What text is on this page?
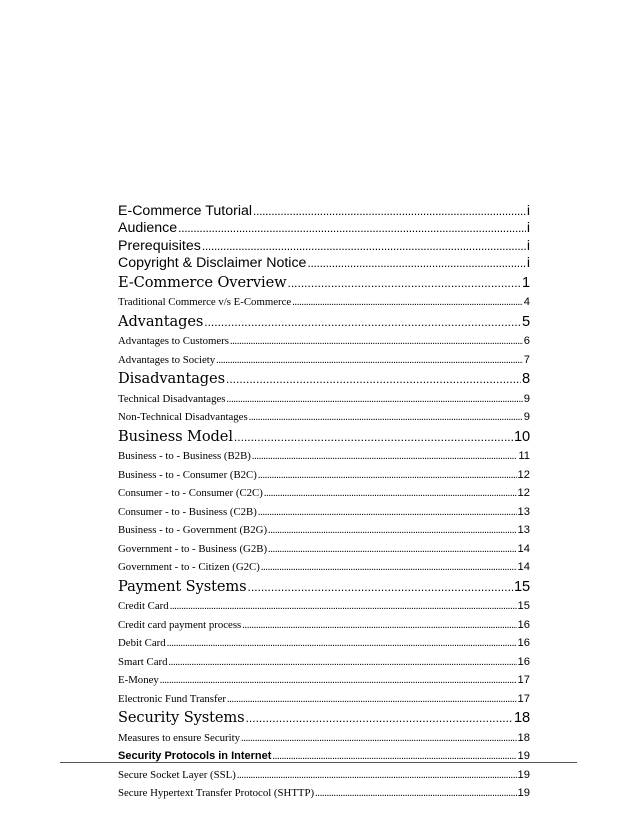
E-Commerce Tutorial .....	i
Audience .....	i
Prerequisites .....	i
Copyright & Disclaimer Notice .....	i
E-Commerce Overview .....	1
Traditional Commerce v/s E-Commerce .....	4
Advantages .....	5
Advantages to Customers .....	6
Advantages to Society .....	7
Disadvantages .....	8
Technical Disadvantages .....	9
Non-Technical Disadvantages .....	9
Business Model .....	10
Business - to - Business (B2B) .....	11
Business - to - Consumer (B2C) .....	12
Consumer - to - Consumer (C2C) .....	12
Consumer - to - Business (C2B) .....	13
Business - to - Government (B2G) .....	13
Government - to - Business (G2B) .....	14
Government - to - Citizen (G2C) .....	14
Payment Systems .....	15
Credit Card .....	15
Credit card payment process .....	16
Debit Card .....	16
Smart Card .....	16
E-Money .....	17
Electronic Fund Transfer .....	17
Security Systems .....	18
Measures to ensure Security .....	18
Security Protocols in Internet .....	19
Secure Socket Layer (SSL) .....	19
Secure Hypertext Transfer Protocol (SHTTP) .....	19
